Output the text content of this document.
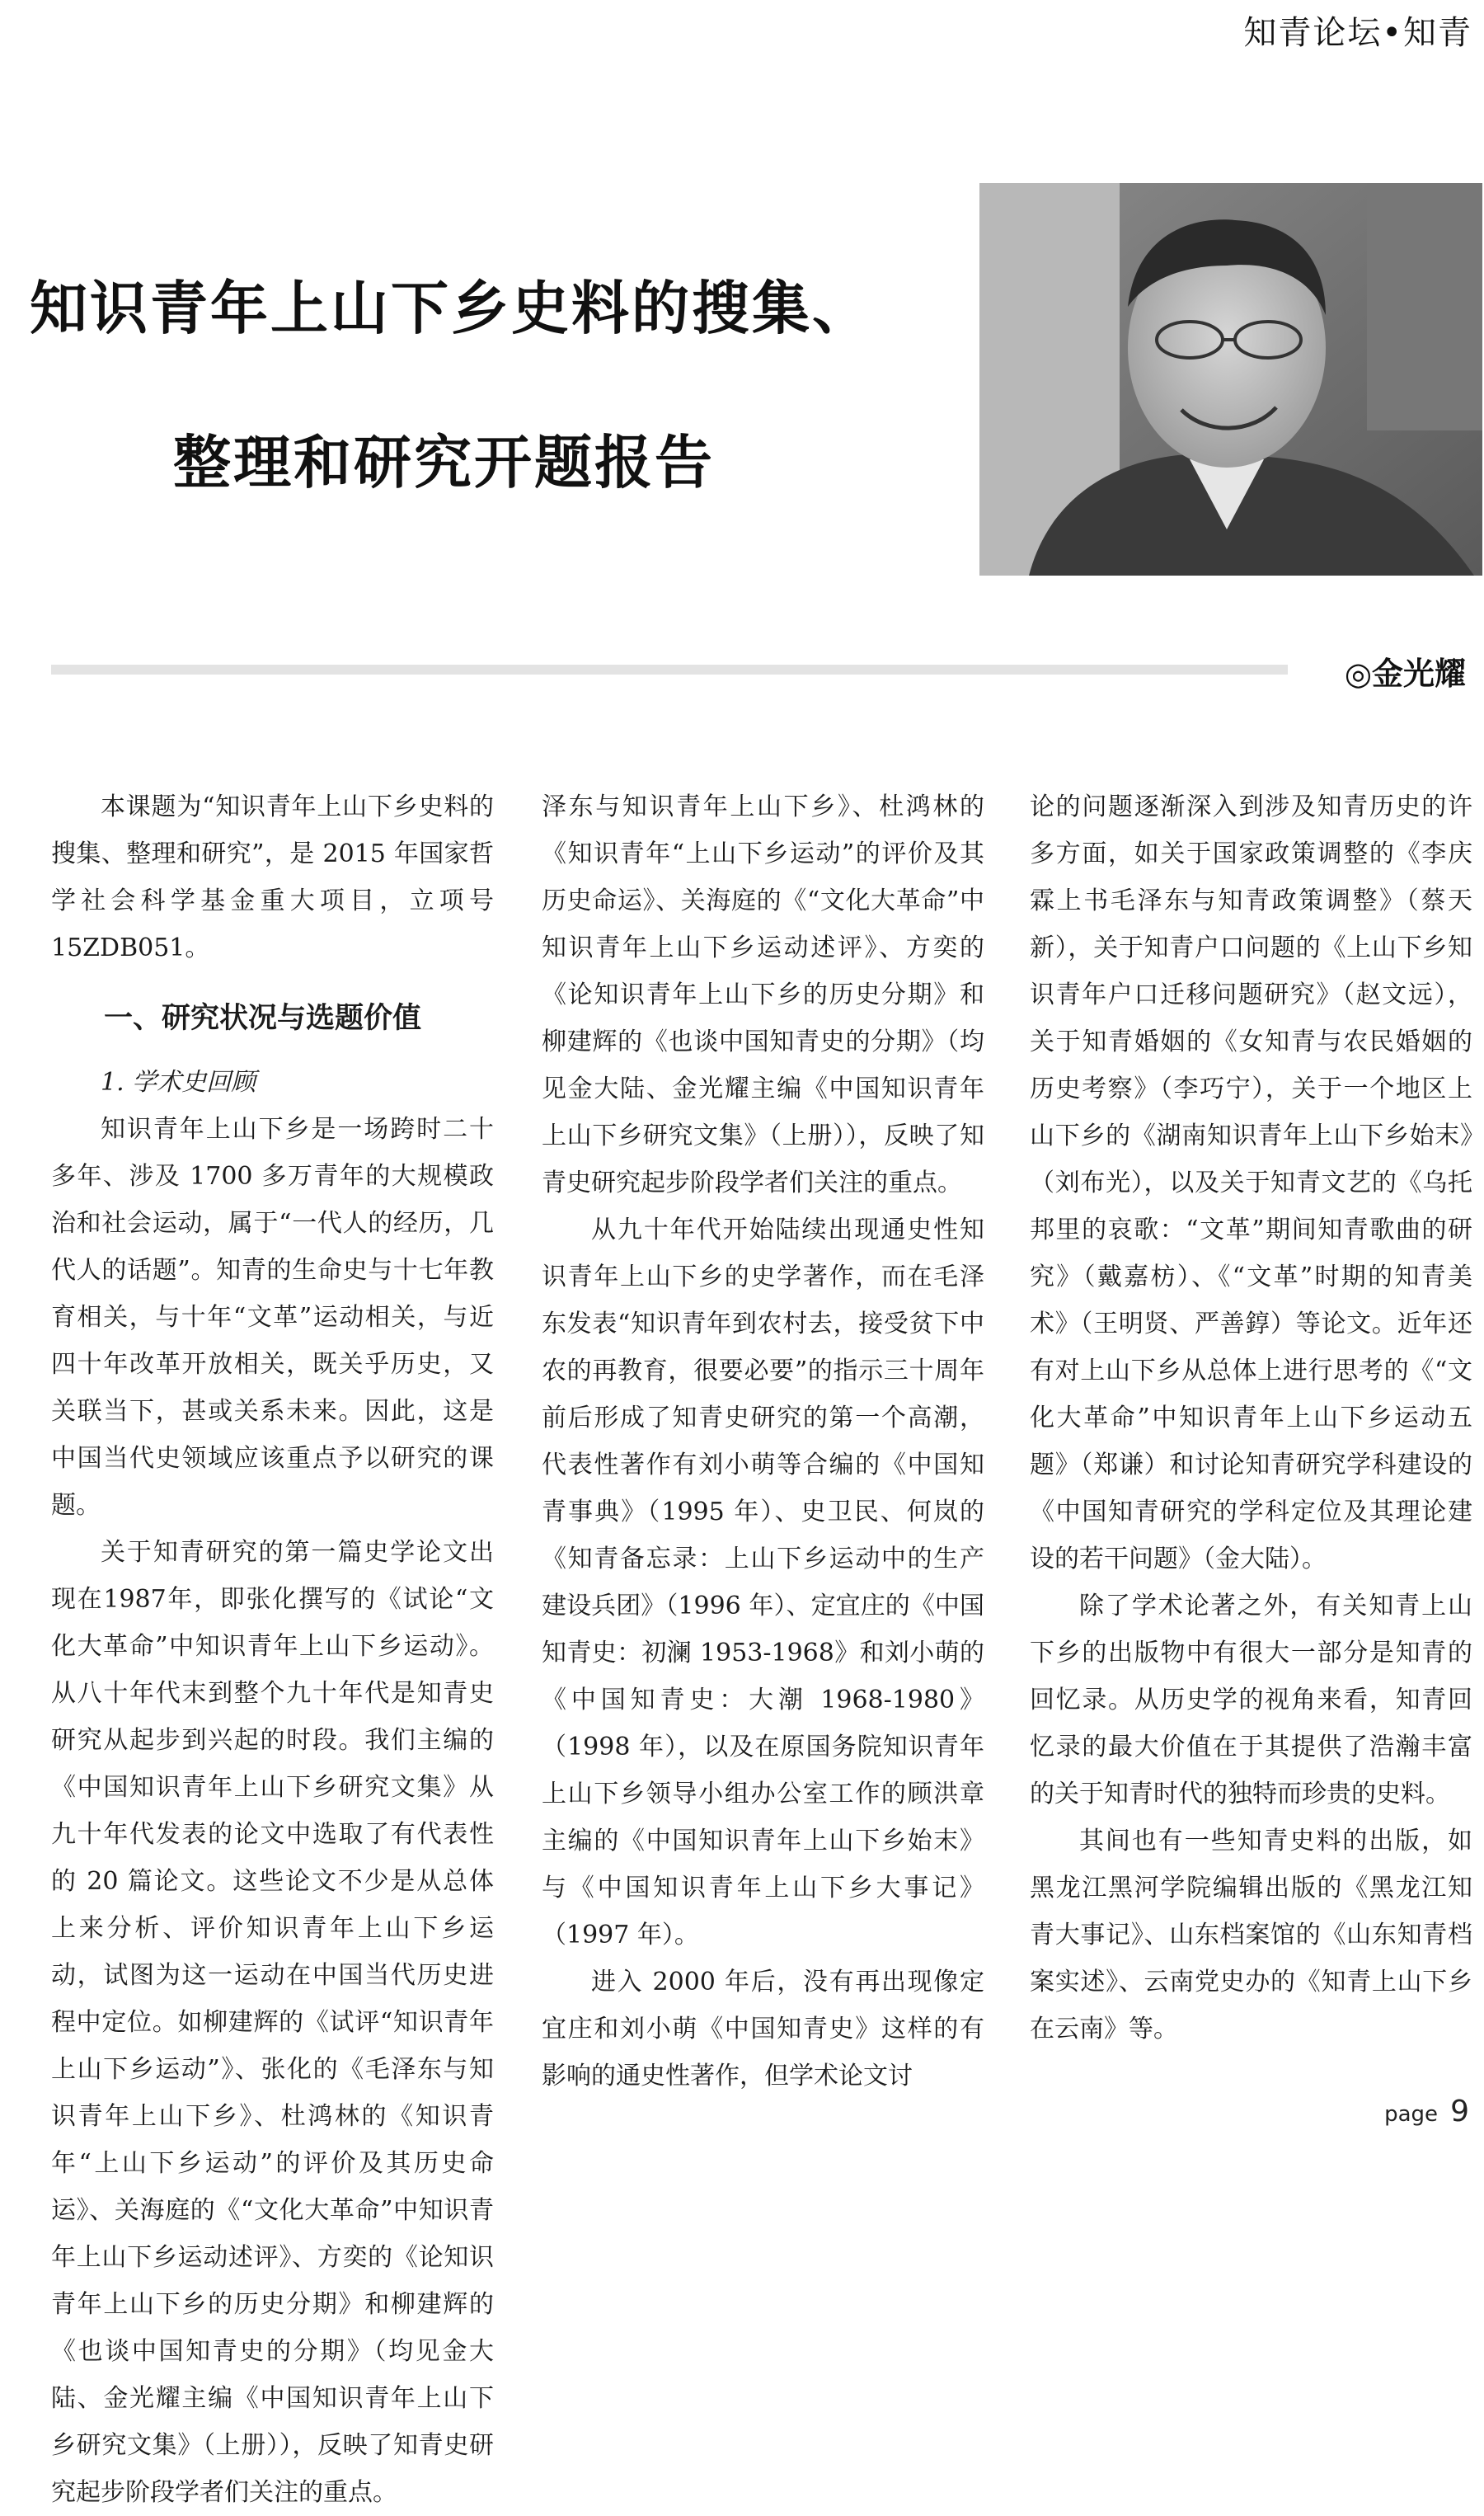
知青论坛•知青
知识青年上山下乡史料的搜集、
整理和研究开题报告
◎金光耀

本课题为“知识青年上山下乡史料的搜集、整理和研究”，是 2015 年国家哲学社会科学基金重大项目，立项号 15ZDB051。

一、研究状况与选题价值
1. 学术史回顾

知识青年上山下乡是一场跨时二十多年、涉及 1700 多万青年的大规模政治和社会运动，属于“一代人的经历，几代人的话题”。知青的生命史与十七年教育相关，与十年“文革”运动相关，与近四十年改革开放相关，既关乎历史，又关联当下，甚或关系未来。因此，这是中国当代史领域应该重点予以研究的课题。

关于知青研究的第一篇史学论文出现在1987年，即张化撰写的《试论“文化大革命”中知识青年上山下乡运动》。从八十年代末到整个九十年代是知青史研究从起步到兴起的时段。我们主编的《中国知识青年上山下乡研究文集》从九十年代发表的论文中选取了有代表性的 20 篇论文。这些论文不少是从总体上来分析、评价知识青年上山下乡运动，试图为这一运动在中国当代历史进程中定位。如柳建辉的《试评“知识青年上山下乡运动”》、张化的《毛泽东与知识青年上山下乡》、杜鸿林的《知识青年“上山下乡运动”的评价及其历史命运》、关海庭的《“文化大革命”中知识青年上山下乡运动述评》、方奕的《论知识青年上山下乡的历史分期》和柳建辉的《也谈中国知青史的分期》（均见金大陆、金光耀主编《中国知识青年上山下乡研究文集》（上册）），反映了知青史研究起步阶段学者们关注的重点。

泽东与知识青年上山下乡》、杜鸿林的《知识青年“上山下乡运动”的评价及其历史命运》、关海庭的《“文化大革命”中知识青年上山下乡运动述评》、方奕的《论知识青年上山下乡的历史分期》和柳建辉的《也谈中国知青史的分期》（均见金大陆、金光耀主编《中国知识青年上山下乡研究文集》（上册）），反映了知青史研究起步阶段学者们关注的重点。

从九十年代开始陆续出现通史性知识青年上山下乡的史学著作，而在毛泽东发表“知识青年到农村去，接受贫下中农的再教育，很要必要”的指示三十周年前后形成了知青史研究的第一个高潮，代表性著作有刘小萌等合编的《中国知青事典》（1995 年）、史卫民、何岚的《知青备忘录：上山下乡运动中的生产建设兵团》（1996 年）、定宜庄的《中国知青史：初澜 1953-1968》和刘小萌的《中国知青史：大潮 1968-1980》（1998 年），以及在原国务院知识青年上山下乡领导小组办公室工作的顾洪章主编的《中国知识青年上山下乡始末》与《中国知识青年上山下乡大事记》（1997 年）。

进入 2000 年后，没有再出现像定宜庄和刘小萌《中国知青史》这样的有影响的通史性著作，但学术论文讨

论的问题逐渐深入到涉及知青历史的许多方面，如关于国家政策调整的《李庆霖上书毛泽东与知青政策调整》（蔡天新），关于知青户口问题的《上山下乡知识青年户口迁移问题研究》（赵文远），关于知青婚姻的《女知青与农民婚姻的历史考察》（李巧宁），关于一个地区上山下乡的《湖南知识青年上山下乡始末》（刘布光），以及关于知青文艺的《乌托邦里的哀歌：“文革”期间知青歌曲的研究》（戴嘉枋）、《“文革”时期的知青美术》（王明贤、严善錞）等论文。近年还有对上山下乡从总体上进行思考的《“文化大革命”中知识青年上山下乡运动五题》（郑谦）和讨论知青研究学科建设的《中国知青研究的学科定位及其理论建设的若干问题》（金大陆）。

除了学术论著之外，有关知青上山下乡的出版物中有很大一部分是知青的回忆录。从历史学的视角来看，知青回忆录的最大价值在于其提供了浩瀚丰富的关于知青时代的独特而珍贵的史料。

其间也有一些知青史料的出版，如黑龙江黑河学院编辑出版的《黑龙江知青大事记》、山东档案馆的《山东知青档案实述》、云南党史办的《知青上山下乡在云南》等。

page 9
